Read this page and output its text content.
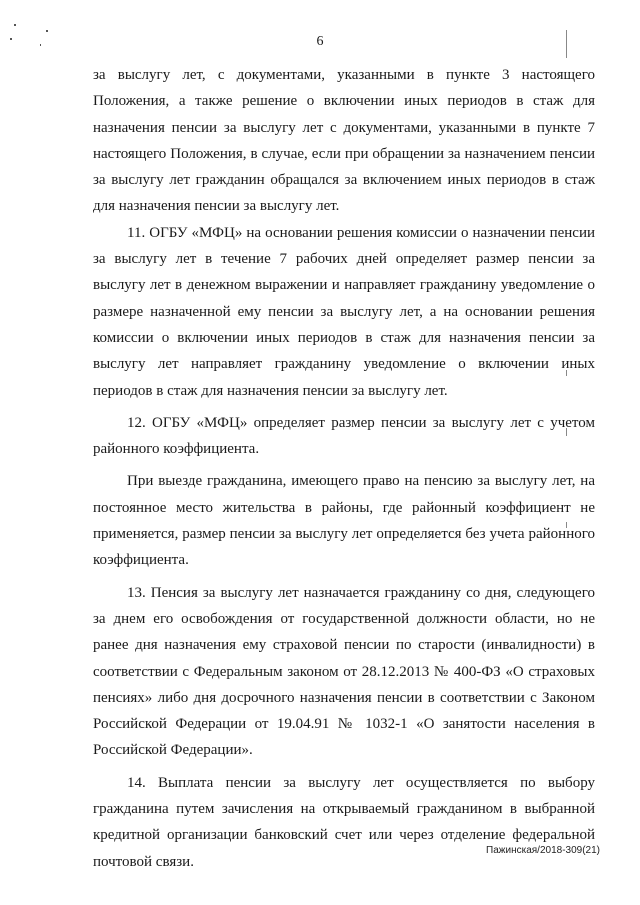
6

за выслугу лет, с документами, указанными в пункте 3 настоящего Положения, а также решение о включении иных периодов в стаж для назначения пенсии за выслугу лет с документами, указанными в пункте 7 настоящего Положения, в случае, если при обращении за назначением пенсии за выслугу лет гражданин обращался за включением иных периодов в стаж для назначения пенсии за выслугу лет.

11. ОГБУ «МФЦ» на основании решения комиссии о назначении пенсии за выслугу лет в течение 7 рабочих дней определяет размер пенсии за выслугу лет в денежном выражении и направляет гражданину уведомление о размере назначенной ему пенсии за выслугу лет, а на основании решения комиссии о включении иных периодов в стаж для назначения пенсии за выслугу лет направляет гражданину уведомление о включении иных периодов в стаж для назначения пенсии за выслугу лет.

12. ОГБУ «МФЦ» определяет размер пенсии за выслугу лет с учетом районного коэффициента.

При выезде гражданина, имеющего право на пенсию за выслугу лет, на постоянное место жительства в районы, где районный коэффициент не применяется, размер пенсии за выслугу лет определяется без учета районного коэффициента.

13. Пенсия за выслугу лет назначается гражданину со дня, следующего за днем его освобождения от государственной должности области, но не ранее дня назначения ему страховой пенсии по старости (инвалидности) в соответствии с Федеральным законом от 28.12.2013 № 400-ФЗ «О страховых пенсиях» либо дня досрочного назначения пенсии в соответствии с Законом Российской Федерации от 19.04.91 № 1032-1 «О занятости населения в Российской Федерации».

14. Выплата пенсии за выслугу лет осуществляется по выбору гражданина путем зачисления на открываемый гражданином в выбранной кредитной организации банковский счет или через отделение федеральной почтовой связи.

Пажинская/2018-309(21)
